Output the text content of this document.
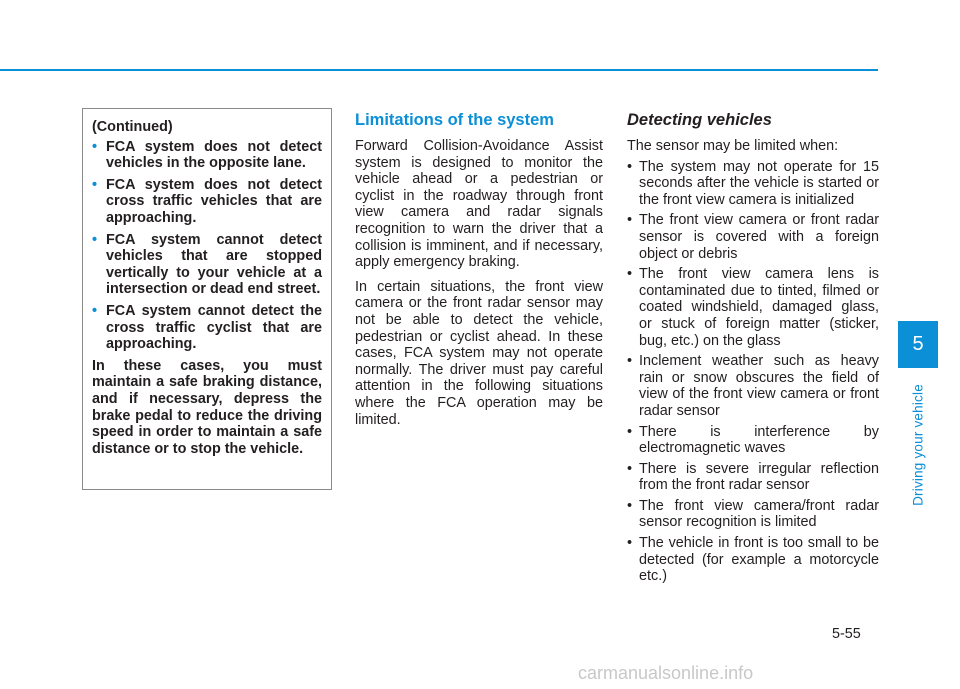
(Continued)
• FCA system does not detect vehicles in the opposite lane.
• FCA system does not detect cross traffic vehicles that are approaching.
• FCA system cannot detect vehicles that are stopped vertically to your vehicle at a intersection or dead end street.
• FCA system cannot detect the cross traffic cyclist that are approaching.

In these cases, you must maintain a safe braking distance, and if necessary, depress the brake pedal to reduce the driving speed in order to maintain a safe distance or to stop the vehicle.

Limitations of the system

Forward Collision-Avoidance Assist system is designed to monitor the vehicle ahead or a pedestrian or cyclist in the roadway through front view camera and radar signals recognition to warn the driver that a collision is imminent, and if necessary, apply emergency braking.

In certain situations, the front view camera or the front radar sensor may not be able to detect the vehicle, pedestrian or cyclist ahead. In these cases, FCA system may not operate normally. The driver must pay careful attention in the following situations where the FCA operation may be limited.

Detecting vehicles

The sensor may be limited when:

• The system may not operate for 15 seconds after the vehicle is started or the front view camera is initialized
• The front view camera or front radar sensor is covered with a foreign object or debris
• The front view camera lens is contaminated due to tinted, filmed or coated windshield, damaged glass, or stuck of foreign matter (sticker, bug, etc.) on the glass
• Inclement weather such as heavy rain or snow obscures the field of view of the front view camera or front radar sensor
• There is interference by electromagnetic waves
• There is severe irregular reflection from the front radar sensor
• The front view camera/front radar sensor recognition is limited
• The vehicle in front is too small to be detected (for example a motorcycle etc.)
5
Driving your vehicle
5-55
carmanualsonline.info
